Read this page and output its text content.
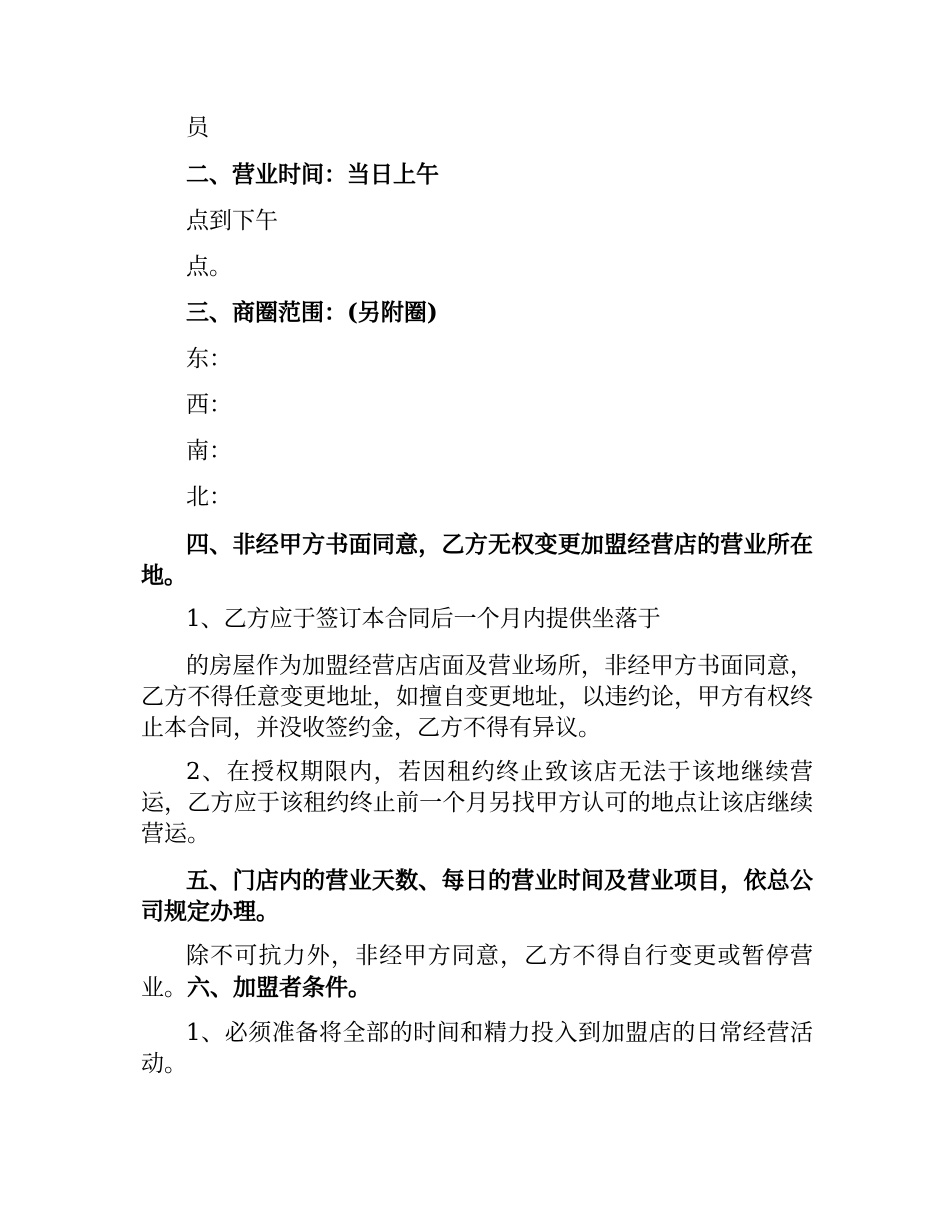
员
二、营业时间：当日上午
点到下午
点。
三、商圈范围：(另附圈)
东：
西：
南：
北：
四、非经甲方书面同意，乙方无权变更加盟经营店的营业所在地。
1、乙方应于签订本合同后一个月内提供坐落于
的房屋作为加盟经营店店面及营业场所，非经甲方书面同意，乙方不得任意变更地址，如擅自变更地址，以违约论，甲方有权终止本合同，并没收签约金，乙方不得有异议。
2、在授权期限内，若因租约终止致该店无法于该地继续营运，乙方应于该租约终止前一个月另找甲方认可的地点让该店继续营运。
五、门店内的营业天数、每日的营业时间及营业项目，依总公司规定办理。
除不可抗力外，非经甲方同意，乙方不得自行变更或暂停营业。六、加盟者条件。
1、必须准备将全部的时间和精力投入到加盟店的日常经营活动。
